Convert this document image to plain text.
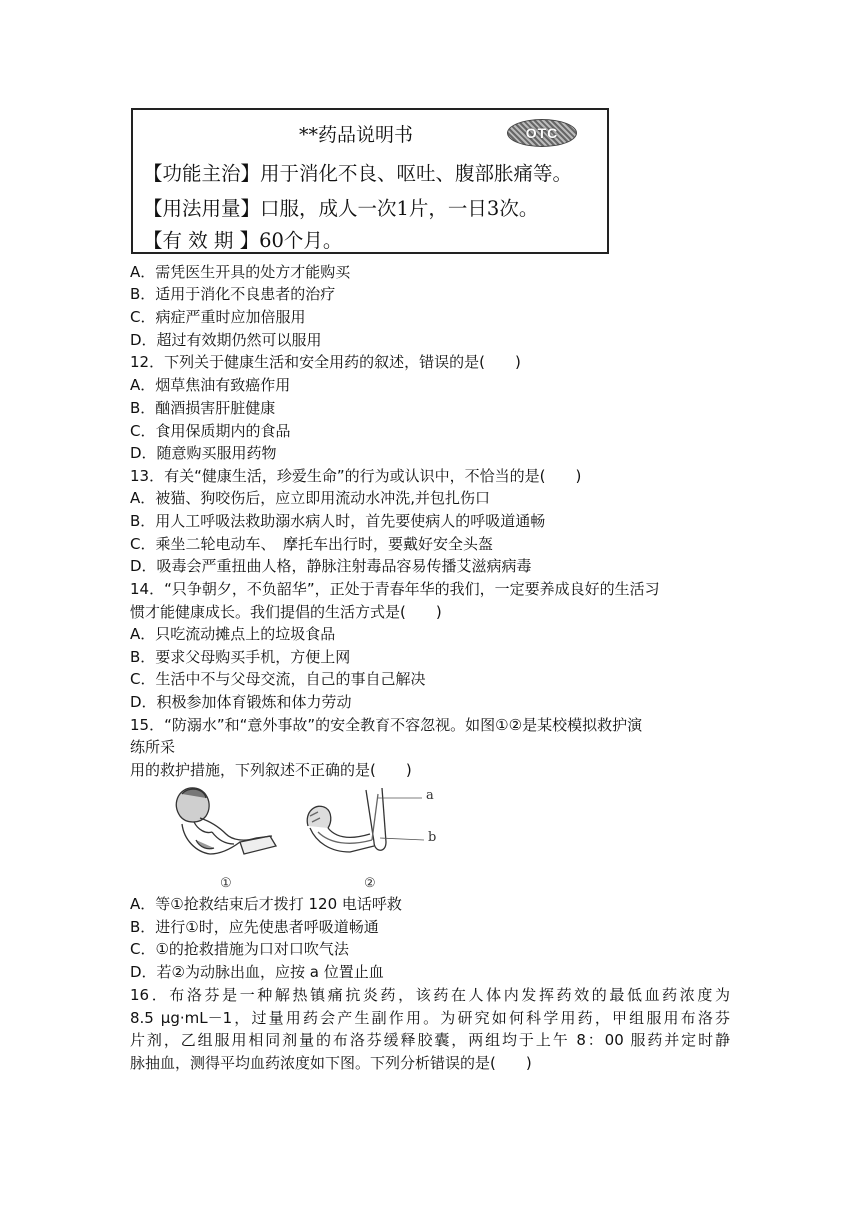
**药品说明书	OTC
【功能主治】用于消化不良、呕吐、腹部胀痛等。
【用法用量】口服，成人一次1片，一日3次。
【有 效 期 】60个月。
A．需凭医生开具的处方才能购买
B．适用于消化不良患者的治疗
C．病症严重时应加倍服用
D．超过有效期仍然可以服用
12．下列关于健康生活和安全用药的叙述，错误的是(　　)
A．烟草焦油有致癌作用
B．酗酒损害肝脏健康
C．食用保质期内的食品
D．随意购买服用药物
13．有关“健康生活，珍爱生命”的行为或认识中，不恰当的是(　　)
A．被猫、狗咬伤后，应立即用流动水冲洗,并包扎伤口
B．用人工呼吸法救助溺水病人时，首先要使病人的呼吸道通畅
C．乘坐二轮电动车、　摩托车出行时，要戴好安全头盔
D．吸毒会严重扭曲人格，静脉注射毒品容易传播艾滋病病毒
14．“只争朝夕，不负韶华”，正处于青春年华的我们，一定要养成良好的生活习
惯才能健康成长。我们提倡的生活方式是(　　)
A．只吃流动摊点上的垃圾食品
B．要求父母购买手机，方便上网
C．生活中不与父母交流，自己的事自己解决
D．积极参加体育锻炼和体力劳动
15．“防溺水”和“意外事故”的安全教育不容忽视。如图①②是某校模拟救护演
练所采
用的救护措施，下列叙述不正确的是(　　)
a
b
①	②
A．等①抢救结束后才拨打 120 电话呼救
B．进行①时，应先使患者呼吸道畅通
C．①的抢救措施为口对口吹气法
D．若②为动脉出血，应按 a 位置止血
16．布洛芬是一种解热镇痛抗炎药，该药在人体内发挥药效的最低血药浓度为
8.5 μg·mL－1，过量用药会产生副作用。为研究如何科学用药，甲组服用布洛芬
片剂，乙组服用相同剂量的布洛芬缓释胶囊，两组均于上午 8：00 服药并定时静
脉抽血，测得平均血药浓度如下图。下列分析错误的是(　　)
